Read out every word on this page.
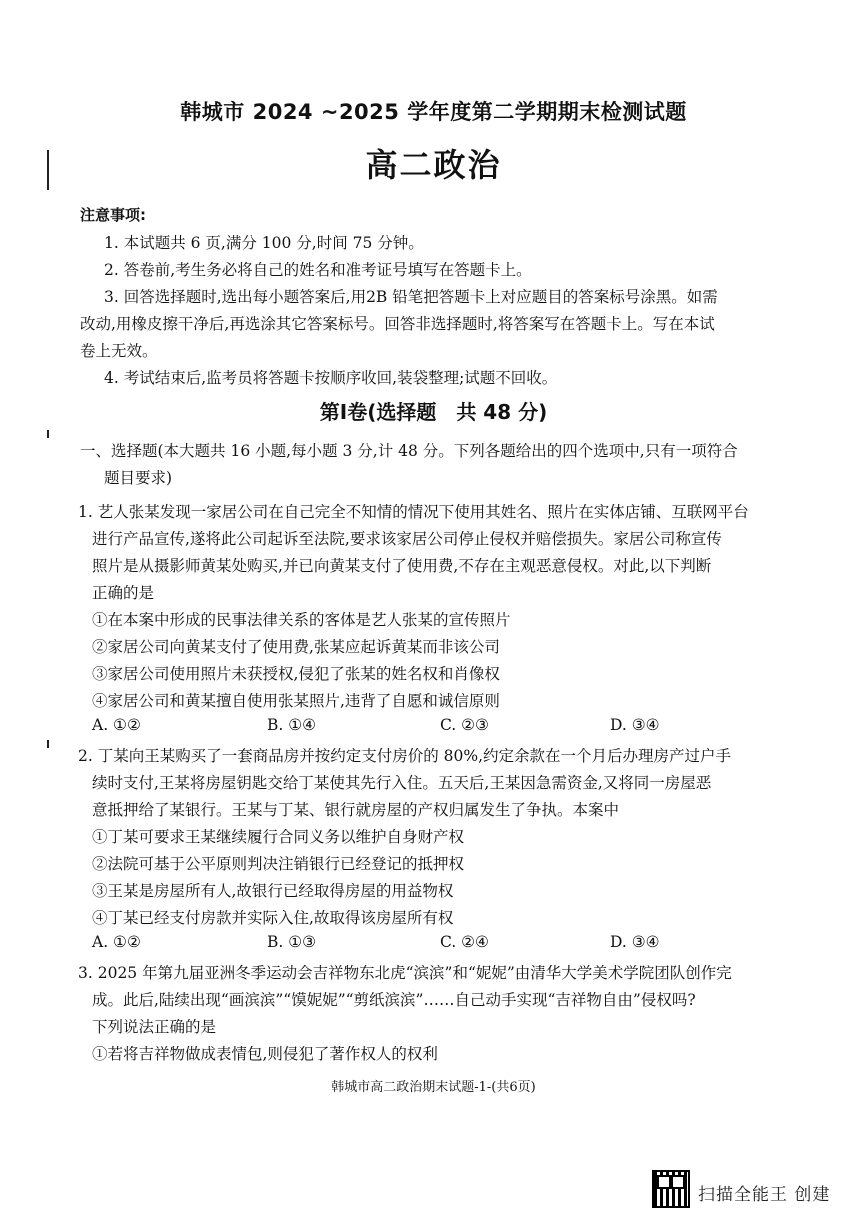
韩城市 2024 ~2025 学年度第二学期期末检测试题
高二政治
注意事项:
1. 本试题共 6 页,满分 100 分,时间 75 分钟。
2. 答卷前,考生务必将自己的姓名和准考证号填写在答题卡上。
3. 回答选择题时,选出每小题答案后,用2B 铅笔把答题卡上对应题目的答案标号涂黑。如需
改动,用橡皮擦干净后,再选涂其它答案标号。回答非选择题时,将答案写在答题卡上。写在本试
卷上无效。
4. 考试结束后,监考员将答题卡按顺序收回,装袋整理;试题不回收。
第Ⅰ卷(选择题　共 48 分)
一、选择题(本大题共 16 小题,每小题 3 分,计 48 分。下列各题给出的四个选项中,只有一项符合
题目要求)
1. 艺人张某发现一家居公司在自己完全不知情的情况下使用其姓名、照片在实体店铺、互联网平台
进行产品宣传,遂将此公司起诉至法院,要求该家居公司停止侵权并赔偿损失。家居公司称宣传
照片是从摄影师黄某处购买,并已向黄某支付了使用费,不存在主观恶意侵权。对此,以下判断
正确的是
①在本案中形成的民事法律关系的客体是艺人张某的宣传照片
②家居公司向黄某支付了使用费,张某应起诉黄某而非该公司
③家居公司使用照片未获授权,侵犯了张某的姓名权和肖像权
④家居公司和黄某擅自使用张某照片,违背了自愿和诚信原则
A. ①②	B. ①④	C. ②③	D. ③④
2. 丁某向王某购买了一套商品房并按约定支付房价的 80%,约定余款在一个月后办理房产过户手
续时支付,王某将房屋钥匙交给丁某使其先行入住。五天后,王某因急需资金,又将同一房屋恶
意抵押给了某银行。王某与丁某、银行就房屋的产权归属发生了争执。本案中
①丁某可要求王某继续履行合同义务以维护自身财产权
②法院可基于公平原则判决注销银行已经登记的抵押权
③王某是房屋所有人,故银行已经取得房屋的用益物权
④丁某已经支付房款并实际入住,故取得该房屋所有权
A. ①②	B. ①③	C. ②④	D. ③④
3. 2025 年第九届亚洲冬季运动会吉祥物东北虎“滨滨”和“妮妮”由清华大学美术学院团队创作完
成。此后,陆续出现“画滨滨”“馍妮妮”“剪纸滨滨”……自己动手实现“吉祥物自由”侵权吗?
下列说法正确的是
①若将吉祥物做成表情包,则侵犯了著作权人的权利
韩城市高二政治期末试题-1-(共6页)
扫描全能王 创建
